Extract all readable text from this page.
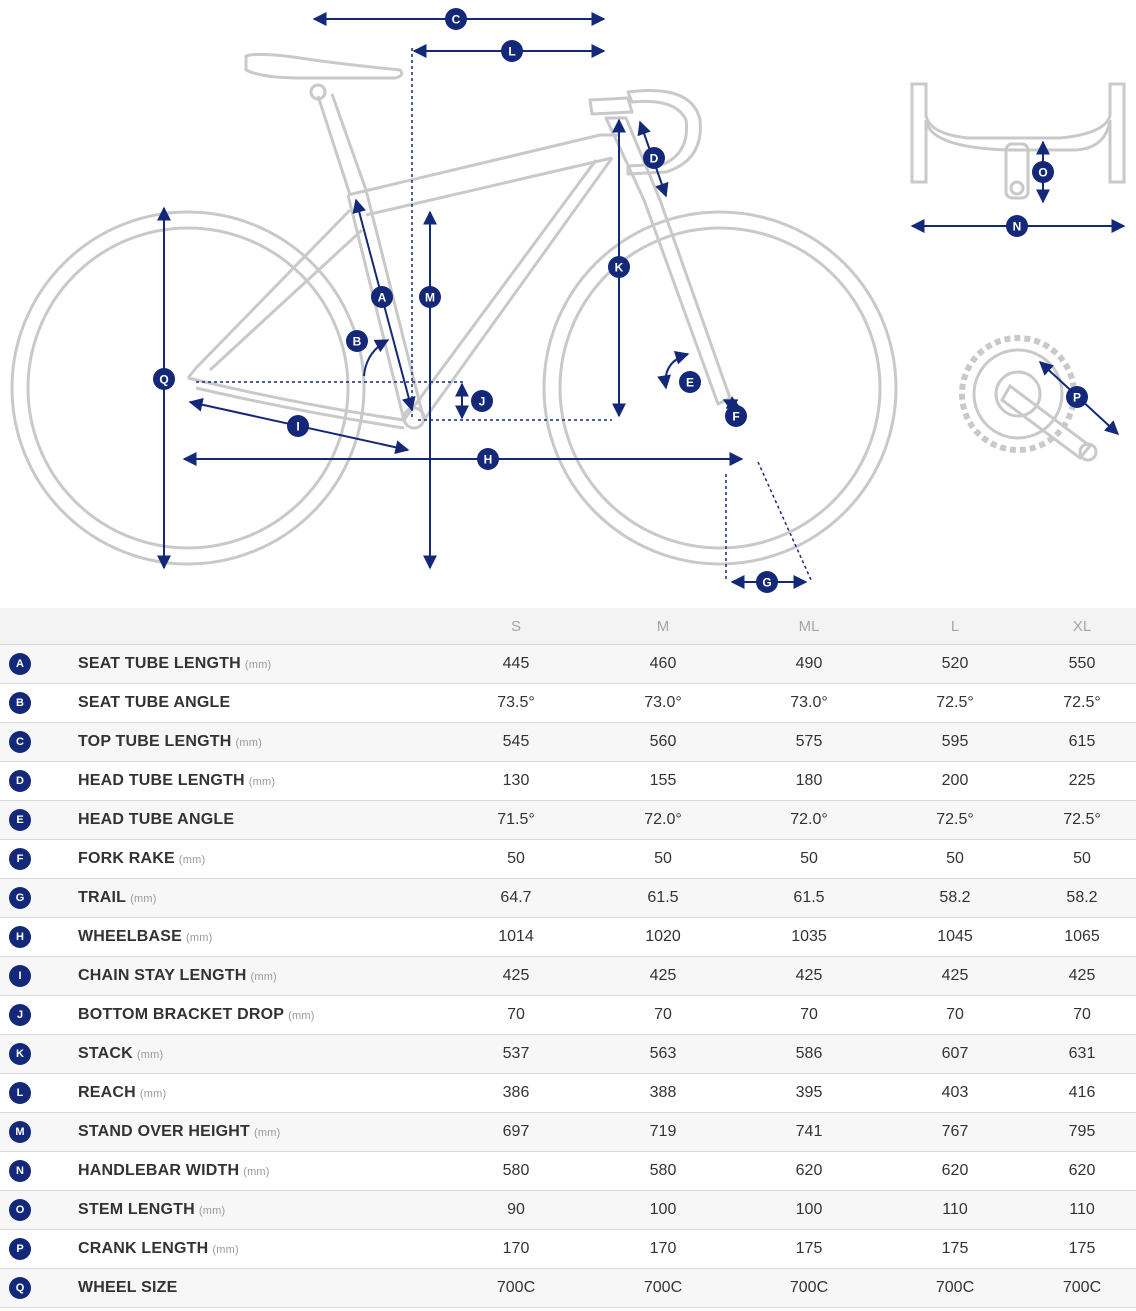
C
L
D
K
A	M
B
Q	E
J
F
I
H
G
O
N
P
		S	M	ML	L	XL
A	SEAT TUBE LENGTH (mm)	445	460	490	520	550
B	SEAT TUBE ANGLE	73.5°	73.0°	73.0°	72.5°	72.5°
C	TOP TUBE LENGTH (mm)	545	560	575	595	615
D	HEAD TUBE LENGTH (mm)	130	155	180	200	225
E	HEAD TUBE ANGLE	71.5°	72.0°	72.0°	72.5°	72.5°
F	FORK RAKE (mm)	50	50	50	50	50
G	TRAIL (mm)	64.7	61.5	61.5	58.2	58.2
H	WHEELBASE (mm)	1014	1020	1035	1045	1065
I	CHAIN STAY LENGTH (mm)	425	425	425	425	425
J	BOTTOM BRACKET DROP (mm)	70	70	70	70	70
K	STACK (mm)	537	563	586	607	631
L	REACH (mm)	386	388	395	403	416
M	STAND OVER HEIGHT (mm)	697	719	741	767	795
N	HANDLEBAR WIDTH (mm)	580	580	620	620	620
O	STEM LENGTH (mm)	90	100	100	110	110
P	CRANK LENGTH (mm)	170	170	175	175	175
Q	WHEEL SIZE	700C	700C	700C	700C	700C
